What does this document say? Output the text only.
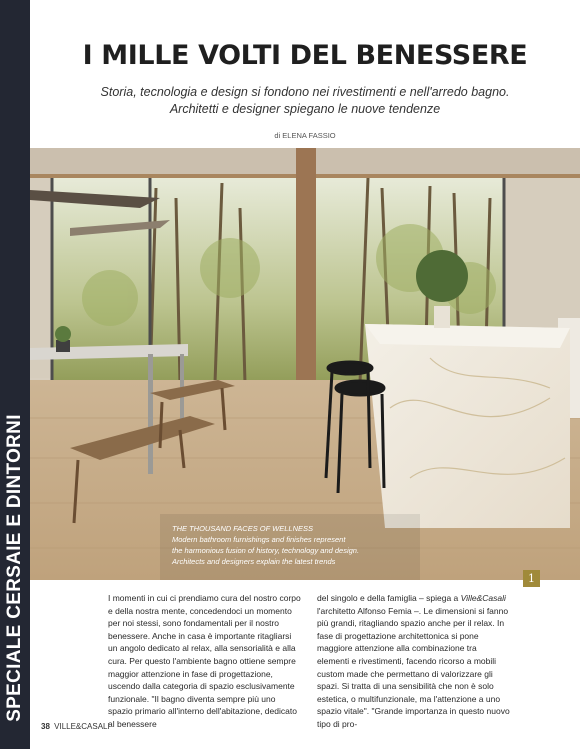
SPECIALE CERSAIE E DINTORNI
I MILLE VOLTI DEL BENESSERE
Storia, tecnologia e design si fondono nei rivestimenti e nell'arredo bagno.
Architetti e designer spiegano le nuove tendenze
di ELENA FASSIO
THE THOUSAND FACES OF WELLNESS
Modern bathroom furnishings and finishes represent
the harmonious fusion of history, technology and design.
Architects and designers explain the latest trends
1

I momenti in cui ci prendiamo cura del nostro corpo e della nostra mente, concedendoci un momento per noi stessi, sono fondamentali per il nostro benessere. Anche in casa è importante ritagliarsi un angolo dedicato al relax, alla sensorialità e alla cura. Per questo l'ambiente bagno ottiene sempre maggior attenzione in fase di progettazione, uscendo dalla categoria di spazio esclusivamente funzionale. "Il bagno diventa sempre più uno spazio primario all'interno dell'abitazione, dedicato al benessere

del singolo e della famiglia – spiega a Ville&Casali l'architetto Alfonso Femia –. Le dimensioni si fanno più grandi, ritagliando spazio anche per il relax. In fase di progettazione architettonica si pone maggiore attenzione alla combinazione tra elementi e rivestimenti, facendo ricorso a mobili custom made che permettano di valorizzare gli spazi. Si tratta di una sensibilità che non è solo estetica, o multifunzionale, ma l'attenzione a uno spazio vitale". "Grande importanza in questo nuovo tipo di pro-

38 VILLE&CASALI
